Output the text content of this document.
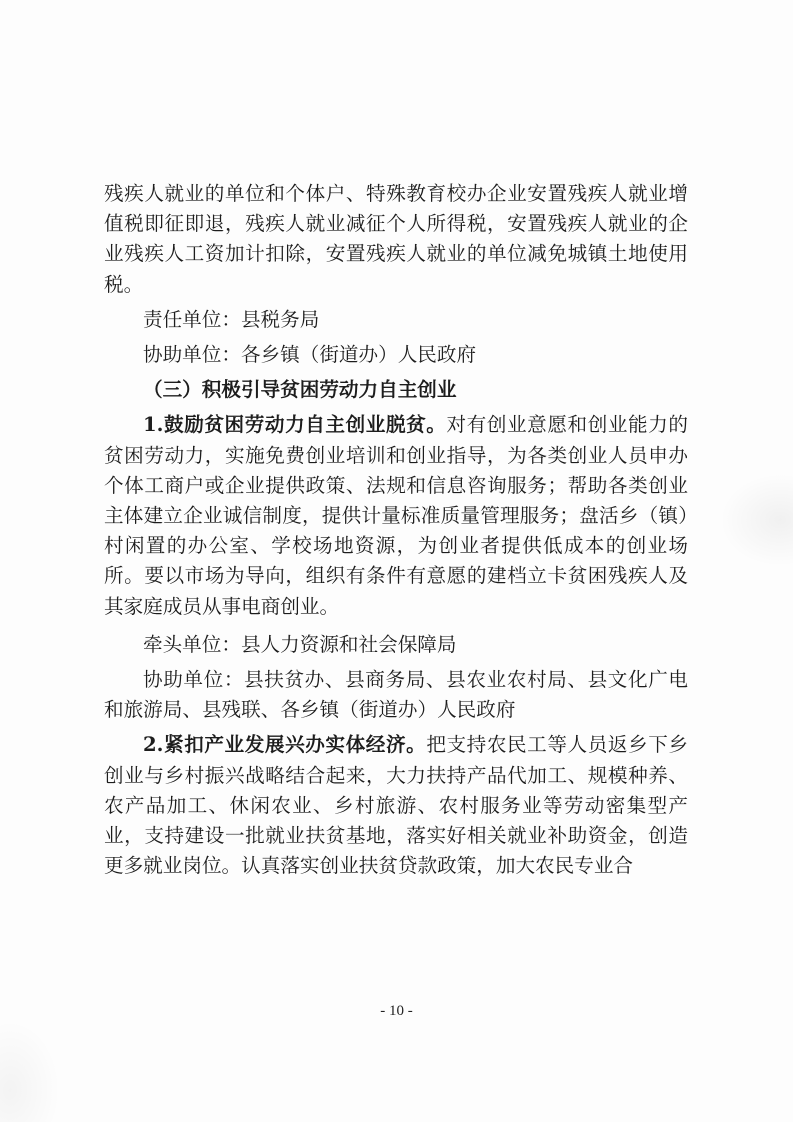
残疾人就业的单位和个体户、特殊教育校办企业安置残疾人就业增值税即征即退，残疾人就业减征个人所得税，安置残疾人就业的企业残疾人工资加计扣除，安置残疾人就业的单位减免城镇土地使用税。

责任单位：县税务局

协助单位：各乡镇（街道办）人民政府

（三）积极引导贫困劳动力自主创业

1.鼓励贫困劳动力自主创业脱贫。对有创业意愿和创业能力的贫困劳动力，实施免费创业培训和创业指导，为各类创业人员申办个体工商户或企业提供政策、法规和信息咨询服务；帮助各类创业主体建立企业诚信制度，提供计量标准质量管理服务；盘活乡（镇）村闲置的办公室、学校场地资源，为创业者提供低成本的创业场所。要以市场为导向，组织有条件有意愿的建档立卡贫困残疾人及其家庭成员从事电商创业。

牵头单位：县人力资源和社会保障局

协助单位：县扶贫办、县商务局、县农业农村局、县文化广电和旅游局、县残联、各乡镇（街道办）人民政府

2.紧扣产业发展兴办实体经济。把支持农民工等人员返乡下乡创业与乡村振兴战略结合起来，大力扶持产品代加工、规模种养、农产品加工、休闲农业、乡村旅游、农村服务业等劳动密集型产业，支持建设一批就业扶贫基地，落实好相关就业补助资金，创造更多就业岗位。认真落实创业扶贫贷款政策，加大农民专业合

- 10 -
